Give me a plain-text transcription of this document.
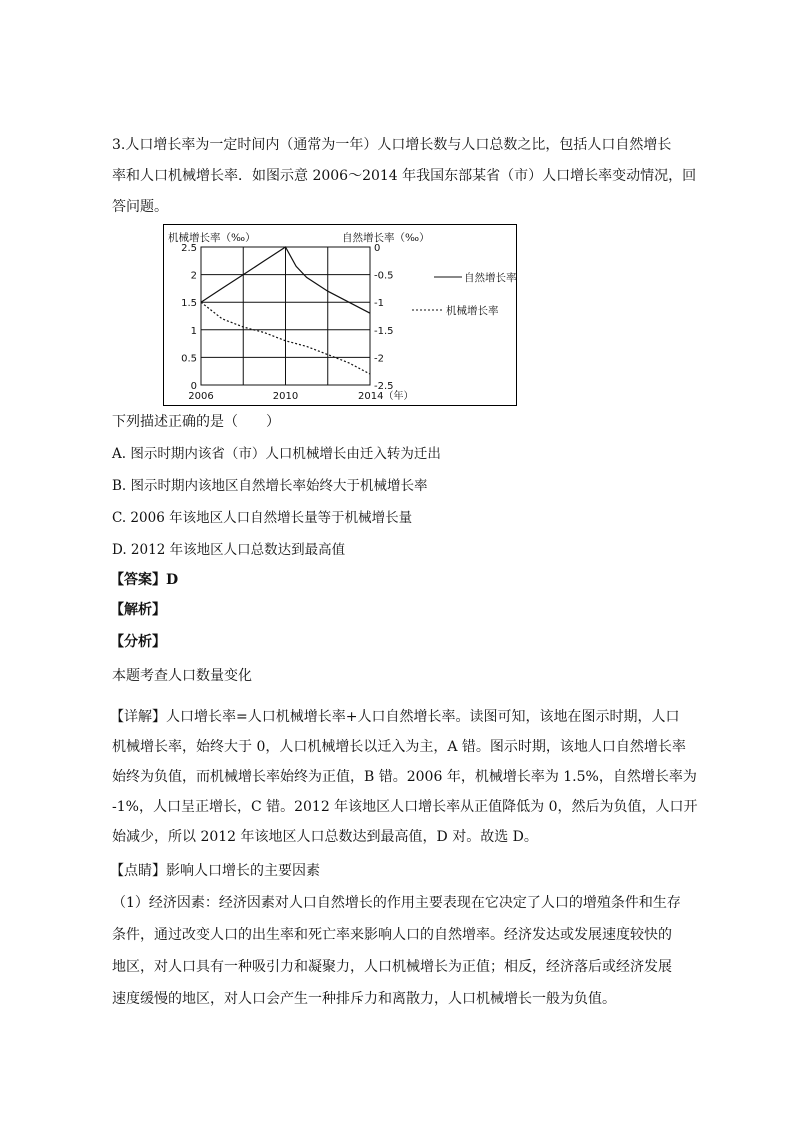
3.人口增长率为一定时间内（通常为一年）人口增长数与人口总数之比，包括人口自然增长
率和人口机械增长率．如图示意 2006～2014 年我国东部某省（市）人口增长率变动情况，回
答问题。
0
0.5
1
1.5
2
2.5	0
-0.5
-1
-1.5
-2
-2.5
2006	2010	2014（年）
机械增长率（‰）	自然增长率（‰）
自然增长率
机械增长率
下列描述正确的是（　　）
A. 图示时期内该省（市）人口机械增长由迁入转为迁出
B. 图示时期内该地区自然增长率始终大于机械增长率
C. 2006 年该地区人口自然增长量等于机械增长量
D. 2012 年该地区人口总数达到最高值
【答案】D
【解析】
【分析】
本题考查人口数量变化
【详解】人口增长率=人口机械增长率+人口自然增长率。读图可知，该地在图示时期，人口
机械增长率，始终大于 0，人口机械增长以迁入为主，A 错。图示时期，该地人口自然增长率
始终为负值，而机械增长率始终为正值，B 错。2006 年，机械增长率为 1.5%，自然增长率为
-1%，人口呈正增长，C 错。2012 年该地区人口增长率从正值降低为 0，然后为负值，人口开
始减少，所以 2012 年该地区人口总数达到最高值，D 对。故选 D。
【点睛】影响人口增长的主要因素
（1）经济因素：经济因素对人口自然增长的作用主要表现在它决定了人口的增殖条件和生存
条件，通过改变人口的出生率和死亡率来影响人口的自然增率。经济发达或发展速度较快的
地区，对人口具有一种吸引力和凝聚力，人口机械增长为正值；相反，经济落后或经济发展
速度缓慢的地区，对人口会产生一种排斥力和离散力，人口机械增长一般为负值。
